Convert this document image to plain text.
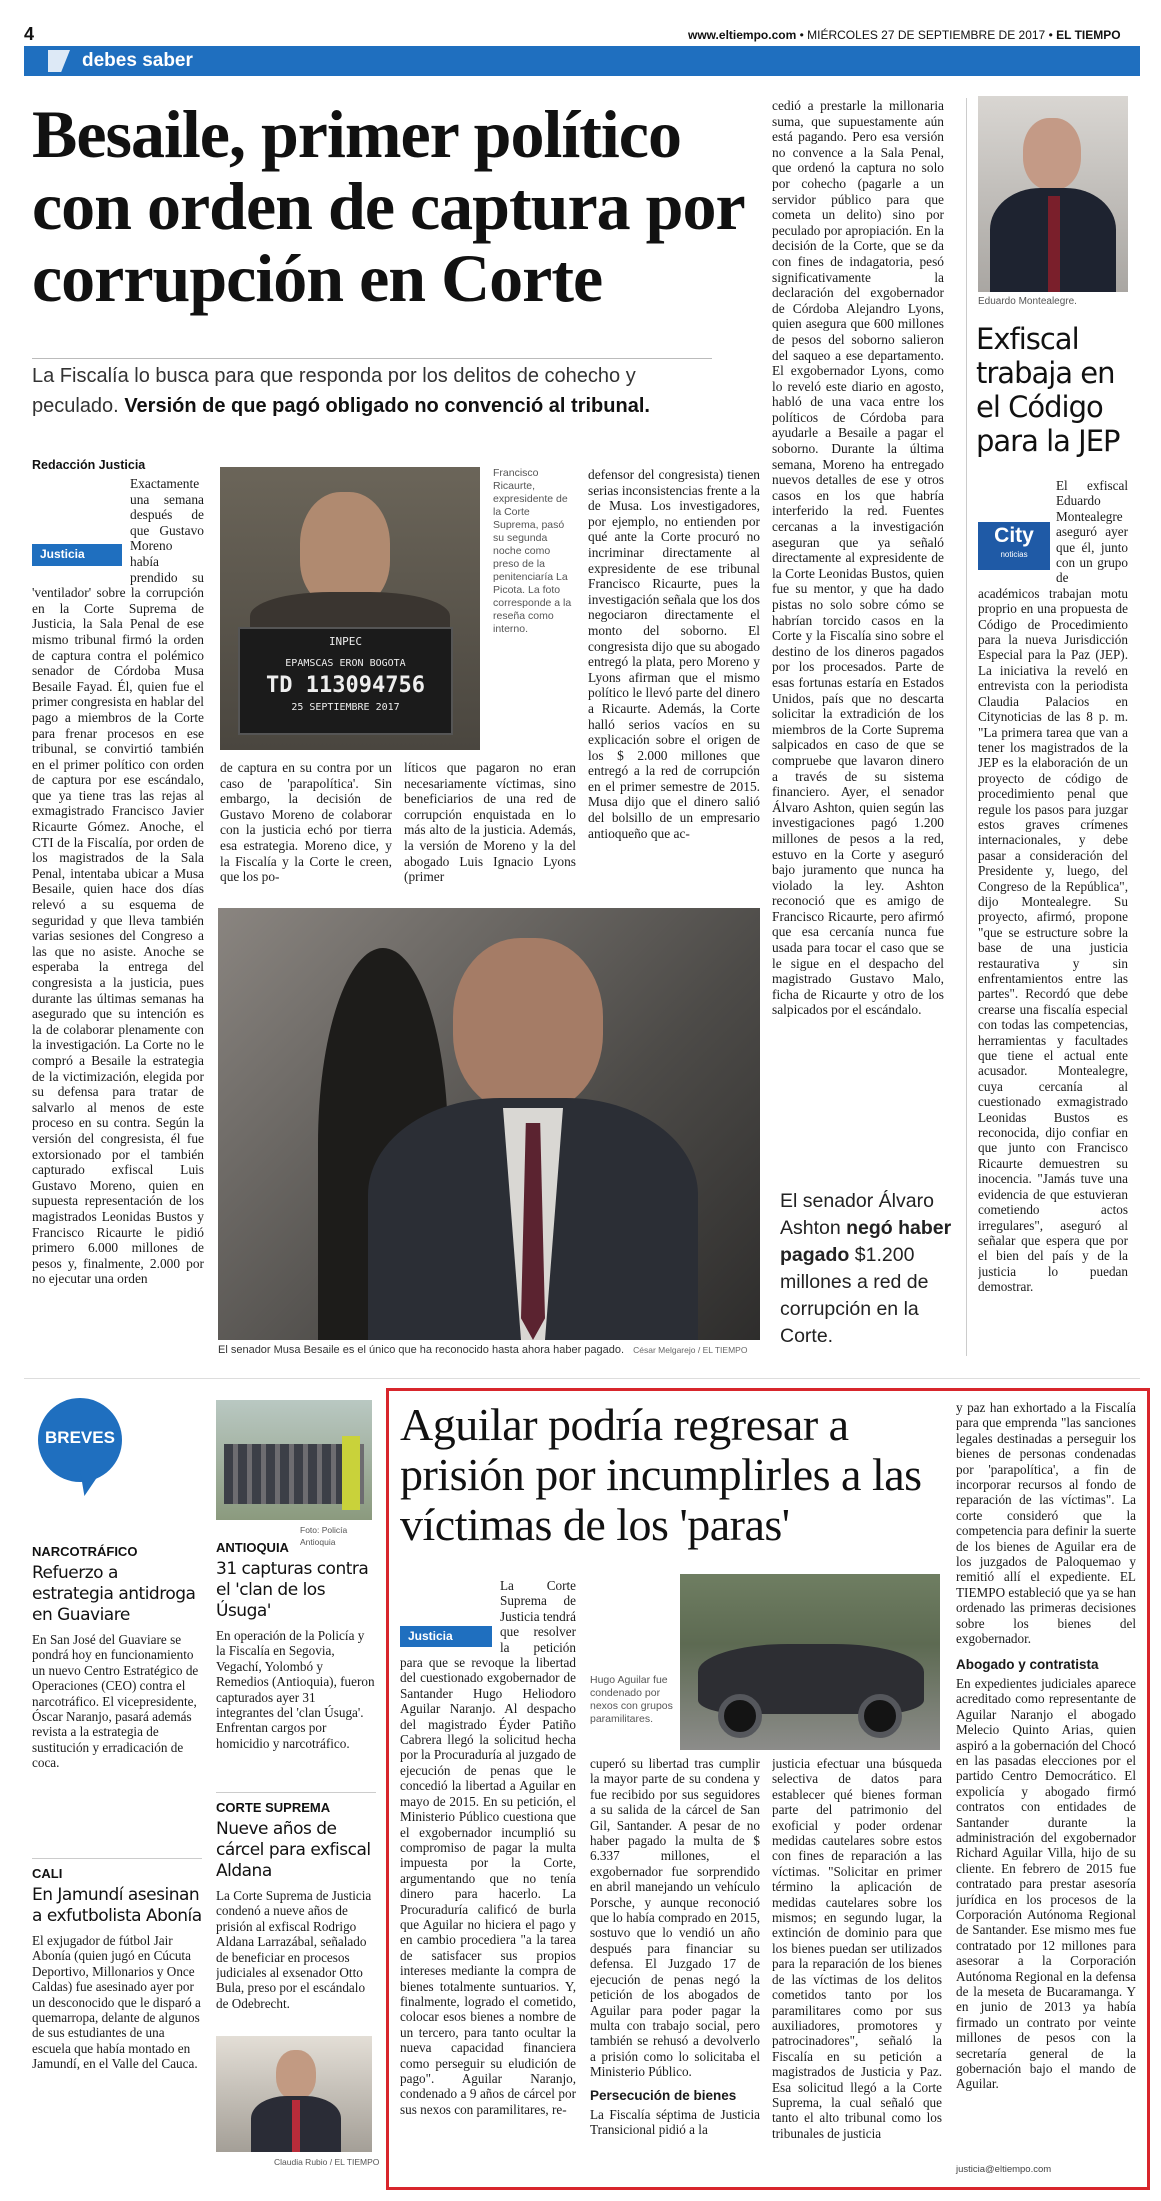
4	www.eltiempo.com • MIÉRCOLES 27 DE SEPTIEMBRE DE 2017 • EL TIEMPO
debes saber
Besaile, primer político con orden de captura por corrupción en Corte
La Fiscalía lo busca para que responda por los delitos de cohecho y peculado. Versión de que pagó obligado no convenció al tribunal.
Redacción Justicia
Justicia
Exactamente una semana después de que Gustavo Moreno había prendido su 'ventilador' sobre la corrupción en la Corte Suprema de Justicia, la Sala Penal de ese mismo tribunal firmó la orden de captura contra el polémico senador de Córdoba Musa Besaile Fayad. Él, quien fue el primer congresista en hablar del pago a miembros de la Corte para frenar procesos en ese tribunal, se convirtió también en el primer político con orden de captura por ese escándalo, que ya tiene tras las rejas al exmagistrado Francisco Javier Ricaurte Gómez. Anoche, el CTI de la Fiscalía, por orden de los magistrados de la Sala Penal, intentaba ubicar a Musa Besaile, quien hace dos días relevó a su esquema de seguridad y que lleva también varias sesiones del Congreso a las que no asiste. Anoche se esperaba la entrega del congresista a la justicia, pues durante las últimas semanas ha asegurado que su intención es la de colaborar plenamente con la investigación. La Corte no le compró a Besaile la estrategia de la victimización, elegida por su defensa para tratar de salvarlo al menos de este proceso en su contra. Según la versión del congresista, él fue extorsionado por el también capturado exfiscal Luis Gustavo Moreno, quien en supuesta representación de los magistrados Leonidas Bustos y Francisco Ricaurte le pidió primero 6.000 millones de pesos y, finalmente, 2.000 por no ejecutar una orden
INPEC
EPAMSCAS ERON BOGOTA
TD 113094756
25 SEPTIEMBRE 2017
Francisco Ricaurte, expresidente de la Corte Suprema, pasó su segunda noche como preso de la penitenciaría La Picota. La foto corresponde a la reseña como interno.
de captura en su contra por un caso de 'parapolítica'. Sin embargo, la decisión de Gustavo Moreno de colaborar con la justicia echó por tierra esa estrategia. Moreno dice, y la Fiscalía y la Corte le creen, que los po-
líticos que pagaron no eran necesariamente víctimas, sino beneficiarios de una red de corrupción enquistada en lo más alto de la justicia. Además, la versión de Moreno y la del abogado Luis Ignacio Lyons (primer
defensor del congresista) tienen serias inconsistencias frente a la de Musa. Los investigadores, por ejemplo, no entienden por qué ante la Corte procuró no incriminar directamente al expresidente de ese tribunal Francisco Ricaurte, pues la investigación señala que los dos negociaron directamente el monto del soborno. El congresista dijo que su abogado entregó la plata, pero Moreno y Lyons afirman que el mismo político le llevó parte del dinero a Ricaurte. Además, la Corte halló serios vacíos en su explicación sobre el origen de los $ 2.000 millones que entregó a la red de corrupción en el primer semestre de 2015. Musa dijo que el dinero salió del bolsillo de un empresario antioqueño que ac-
cedió a prestarle la millonaria suma, que supuestamente aún está pagando. Pero esa versión no convence a la Sala Penal, que ordenó la captura no solo por cohecho (pagarle a un servidor público para que cometa un delito) sino por peculado por apropiación. En la decisión de la Corte, que se da con fines de indagatoria, pesó significativamente la declaración del exgobernador de Córdoba Alejandro Lyons, quien asegura que 600 millones de pesos del soborno salieron del saqueo a ese departamento. El exgobernador Lyons, como lo reveló este diario en agosto, habló de una vaca entre los políticos de Córdoba para ayudarle a Besaile a pagar el soborno. Durante la última semana, Moreno ha entregado nuevos detalles de ese y otros casos en los que habría interferido la red. Fuentes cercanas a la investigación aseguran que ya señaló directamente al expresidente de la Corte Leonidas Bustos, quien fue su mentor, y que ha dado pistas no solo sobre cómo se habrían torcido casos en la Corte y la Fiscalía sino sobre el destino de los dineros pagados por los procesados. Parte de esas fortunas estaría en Estados Unidos, país que no descarta solicitar la extradición de los miembros de la Corte Suprema salpicados en caso de que se compruebe que lavaron dinero a través de su sistema financiero. Ayer, el senador Álvaro Ashton, quien según las investigaciones pagó 1.200 millones de pesos a la red, estuvo en la Corte y aseguró bajo juramento que nunca ha violado la ley. Ashton reconoció que es amigo de Francisco Ricaurte, pero afirmó que esa cercanía nunca fue usada para tocar el caso que se le sigue en el despacho del magistrado Gustavo Malo, ficha de Ricaurte y otro de los salpicados por el escándalo.
El senador Musa Besaile es el único que ha reconocido hasta ahora haber pagado. César Melgarejo / EL TIEMPO
El senador Álvaro Ashton negó haber pagado $1.200 millones a red de corrupción en la Corte.
Eduardo Montealegre.
Exfiscal trabaja en el Código para la JEP
City
noticias
El exfiscal Eduardo Montealegre aseguró ayer que él, junto con un grupo de académicos trabajan motu proprio en una propuesta de Código de Procedimiento para la nueva Jurisdicción Especial para la Paz (JEP). La iniciativa la reveló en entrevista con la periodista Claudia Palacios en Citynoticias de las 8 p. m. "La primera tarea que van a tener los magistrados de la JEP es la elaboración de un proyecto de código de procedimiento penal que regule los pasos para juzgar estos graves crímenes internacionales, y debe pasar a consideración del Presidente y, luego, del Congreso de la República", dijo Montealegre. Su proyecto, afirmó, propone "que se estructure sobre la base de una justicia restaurativa y sin enfrentamientos entre las partes". Recordó que debe crearse una fiscalía especial con todas las competencias, herramientas y facultades que tiene el actual ente acusador. Montealegre, cuya cercanía al cuestionado exmagistrado Leonidas Bustos es reconocida, dijo confiar en que junto con Francisco Ricaurte demuestren su inocencia. "Jamás tuve una evidencia de que estuvieran cometiendo actos irregulares", aseguró al señalar que espera que por el bien del país y de la justicia lo puedan demostrar.
BREVES
NARCOTRÁFICO
Refuerzo a estrategia antidroga en Guaviare
En San José del Guaviare se pondrá hoy en funcionamiento un nuevo Centro Estratégico de Operaciones (CEO) contra el narcotráfico. El vicepresidente, Óscar Naranjo, pasará además revista a la estrategia de sustitución y erradicación de coca.
CALI
En Jamundí asesinan a exfutbolista Abonía
El exjugador de fútbol Jair Abonía (quien jugó en Cúcuta Deportivo, Millonarios y Once Caldas) fue asesinado ayer por un desconocido que le disparó a quemarropa, delante de algunos de sus estudiantes de una escuela que había montado en Jamundí, en el Valle del Cauca.
Foto: Policía Antioquia
ANTIOQUIA
31 capturas contra el 'clan de los Úsuga'
En operación de la Policía y la Fiscalía en Segovia, Vegachí, Yolombó y Remedios (Antioquia), fueron capturados ayer 31 integrantes del 'clan Úsuga'. Enfrentan cargos por homicidio y narcotráfico.
CORTE SUPREMA
Nueve años de cárcel para exfiscal Aldana
La Corte Suprema de Justicia condenó a nueve años de prisión al exfiscal Rodrigo Aldana Larrazábal, señalado de beneficiar en procesos judiciales al exsenador Otto Bula, preso por el escándalo de Odebrecht.
Claudia Rubio / EL TIEMPO
Aguilar podría regresar a prisión por incumplirles a las víctimas de los 'paras'
Justicia
La Corte Suprema de Justicia tendrá que resolver la petición para que se revoque la libertad del cuestionado exgobernador de Santander Hugo Heliodoro Aguilar Naranjo. Al despacho del magistrado Éyder Patiño Cabrera llegó la solicitud hecha por la Procuraduría al juzgado de ejecución de penas que le concedió la libertad a Aguilar en mayo de 2015. En su petición, el Ministerio Público cuestiona que el exgobernador incumplió su compromiso de pagar la multa impuesta por la Corte, argumentando que no tenía dinero para hacerlo. La Procuraduría calificó de burla que Aguilar no hiciera el pago y en cambio procediera "a la tarea de satisfacer sus propios intereses mediante la compra de bienes totalmente suntuarios. Y, finalmente, logrado el cometido, colocar esos bienes a nombre de un tercero, para tanto ocultar la nueva capacidad financiera como perseguir su eludición de pago". Aguilar Naranjo, condenado a 9 años de cárcel por sus nexos con paramilitares, re-
Hugo Aguilar fue condenado por nexos con grupos paramilitares.
cuperó su libertad tras cumplir la mayor parte de su condena y fue recibido por sus seguidores a su salida de la cárcel de San Gil, Santander. A pesar de no haber pagado la multa de $ 6.337 millones, el exgobernador fue sorprendido en abril manejando un vehículo Porsche, y aunque reconoció que lo había comprado en 2015, sostuvo que lo vendió un año después para financiar su defensa. El Juzgado 17 de ejecución de penas negó la petición de los abogados de Aguilar para poder pagar la multa con trabajo social, pero también se rehusó a devolverlo a prisión como lo solicitaba el Ministerio Público.
Persecución de bienes
La Fiscalía séptima de Justicia Transicional pidió a la
justicia efectuar una búsqueda selectiva de datos para establecer qué bienes forman parte del patrimonio del exoficial y poder ordenar medidas cautelares sobre estos con fines de reparación a las víctimas. "Solicitar en primer término la aplicación de medidas cautelares sobre los mismos; en segundo lugar, la extinción de dominio para que los bienes puedan ser utilizados para la reparación de los bienes de las víctimas de los delitos cometidos tanto por los paramilitares como por sus auxiliadores, promotores y patrocinadores", señaló la Fiscalía en su petición a magistrados de Justicia y Paz. Esa solicitud llegó a la Corte Suprema, la cual señaló que tanto el alto tribunal como los tribunales de justicia
y paz han exhortado a la Fiscalía para que emprenda "las sanciones legales destinadas a perseguir los bienes de personas condenadas por 'parapolítica', a fin de incorporar recursos al fondo de reparación de las víctimas". La corte consideró que la competencia para definir la suerte de los bienes de Aguilar era de los juzgados de Paloquemao y remitió allí el expediente. EL TIEMPO estableció que ya se han ordenado las primeras decisiones sobre los bienes del exgobernador.
Abogado y contratista
En expedientes judiciales aparece acreditado como representante de Aguilar Naranjo el abogado Melecio Quinto Arias, quien aspiró a la gobernación del Chocó en las pasadas elecciones por el partido Centro Democrático. El expolicía y abogado firmó contratos con entidades de Santander durante la administración del exgobernador Richard Aguilar Villa, hijo de su cliente. En febrero de 2015 fue contratado para prestar asesoría jurídica en los procesos de la Corporación Autónoma Regional de Santander. Ese mismo mes fue contratado por 12 millones para asesorar a la Corporación Autónoma Regional en la defensa de la meseta de Bucaramanga. Y en junio de 2013 ya había firmado un contrato por veinte millones de pesos con la secretaría general de la gobernación bajo el mando de Aguilar.
justicia@eltiempo.com
